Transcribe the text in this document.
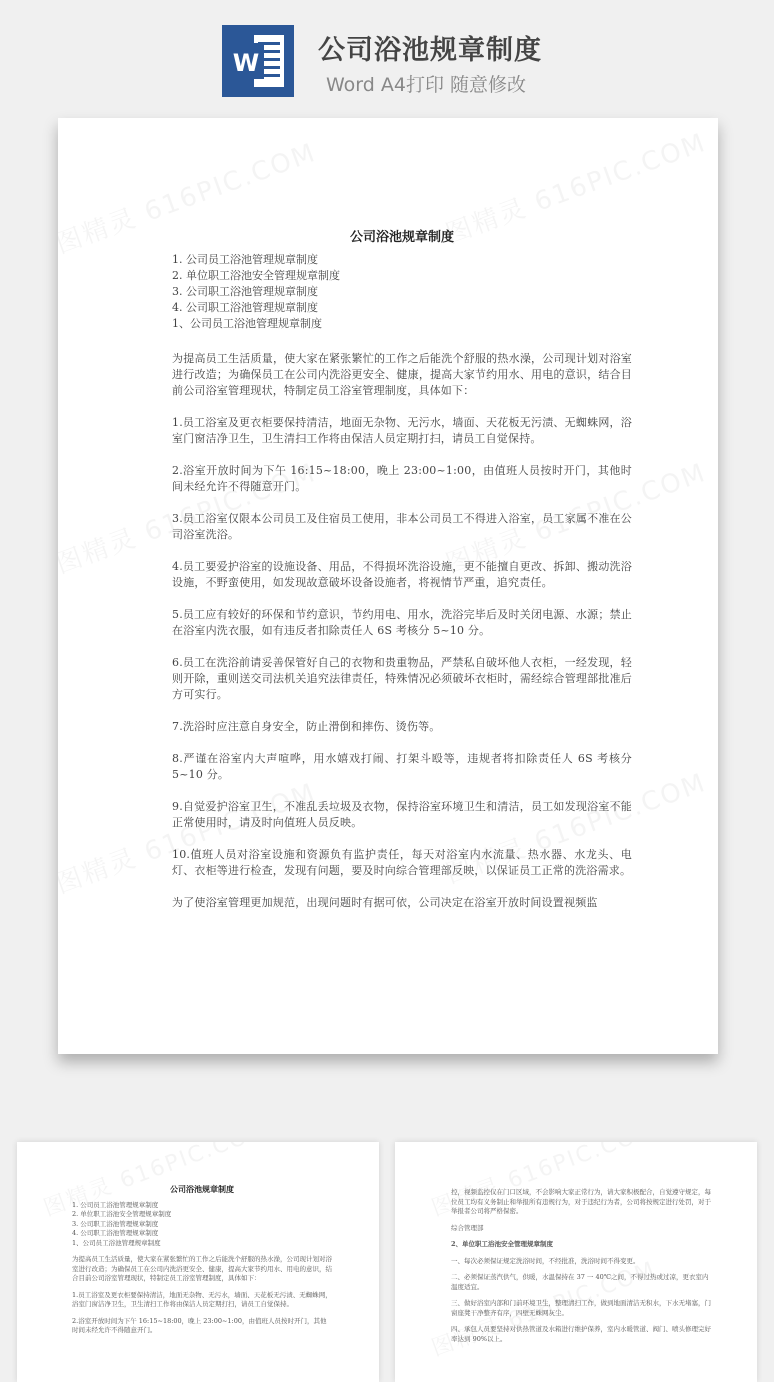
W 公司浴池规章制度
Word A4打印 随意修改
公司浴池规章制度
1. 公司员工浴池管理规章制度
2. 单位职工浴池安全管理规章制度
3. 公司职工浴池管理规章制度
4. 公司职工浴池管理规章制度
1、公司员工浴池管理规章制度

为提高员工生活质量，使大家在紧张繁忙的工作之后能洗个舒服的热水澡，公司现计划对浴室进行改造；为确保员工在公司内洗浴更安全、健康，提高大家节约用水、用电的意识，结合目前公司浴室管理现状，特制定员工浴室管理制度，具体如下：

1.员工浴室及更衣柜要保持清洁，地面无杂物、无污水，墙面、天花板无污渍、无蜘蛛网，浴室门窗洁净卫生，卫生清扫工作将由保洁人员定期打扫，请员工自觉保持。

2.浴室开放时间为下午 16:15~18:00，晚上 23:00~1:00，由值班人员按时开门，其他时间未经允许不得随意开门。

3.员工浴室仅限本公司员工及住宿员工使用，非本公司员工不得进入浴室，员工家属不准在公司浴室洗浴。

4.员工要爱护浴室的设施设备、用品，不得损坏洗浴设施，更不能擅自更改、拆卸、搬动洗浴设施，不野蛮使用，如发现故意破坏设备设施者，将视情节严重，追究责任。

5.员工应有较好的环保和节约意识，节约用电、用水，洗浴完毕后及时关闭电源、水源；禁止在浴室内洗衣服，如有违反者扣除责任人 6S 考核分 5~10 分。

6.员工在洗浴前请妥善保管好自己的衣物和贵重物品，严禁私自破坏他人衣柜，一经发现，轻则开除，重则送交司法机关追究法律责任，特殊情况必须破坏衣柜时，需经综合管理部批准后方可实行。

7.洗浴时应注意自身安全，防止滑倒和摔伤、烫伤等。

8.严谨在浴室内大声喧哗，用水嬉戏打闹、打架斗殴等，违规者将扣除责任人 6S 考核分 5~10 分。

9.自觉爱护浴室卫生，不准乱丢垃圾及衣物，保持浴室环境卫生和清洁，员工如发现浴室不能正常使用时，请及时向值班人员反映。

10.值班人员对浴室设施和资源负有监护责任，每天对浴室内水流量、热水器、水龙头、电灯、衣柜等进行检查，发现有问题，要及时向综合管理部反映，以保证员工正常的洗浴需求。

为了使浴室管理更加规范，出现问题时有据可依，公司决定在浴室开放时间设置视频监

公司浴池规章制度
1. 公司员工浴池管理规章制度
2. 单位职工浴池安全管理规章制度
3. 公司职工浴池管理规章制度
4. 公司职工浴池管理规章制度
1、公司员工浴池管理规章制度

为提高员工生活质量，使大家在紧张繁忙的工作之后能洗个舒服的热水澡，公司现计划对浴室进行改造；为确保员工在公司内洗浴更安全、健康，提高大家节约用水、用电的意识，结合目前公司浴室管理现状，特制定员工浴室管理制度，具体如下：

1.员工浴室及更衣柜要保持清洁，地面无杂物、无污水，墙面、天花板无污渍、无蜘蛛网，浴室门窗洁净卫生，卫生清扫工作将由保洁人员定期打扫，请员工自觉保持。

2.浴室开放时间为下午 16:15~18:00，晚上 23:00~1:00，由值班人员按时开门，其他时间未经允许不得随意开门。

控，视频监控仅在门口区域，不会影响大家正常行为，请大家积极配合，自觉遵守规定，每位员工均有义务制止和举报所有违规行为，对于违纪行为者，公司将按规定进行处罚，对于举报者公司将严格保密。

综合管理部

2、单位职工浴池安全管理规章制度

一、每次必须保证规定洗浴时间，不经批准，洗浴时间不得变更。

二、必须保证蒸汽供气，供暖，水温保持在 37 一 40℃之间，不得过热或过凉，更衣室内温度适宜。

三、做好浴室内部和门前环境卫生，整理清扫工作，做到地面清洁无积水，下水无堵塞，门窗座凳干净整齐有序，四壁无蛛网灰尘。

四、承包人员要坚持对供热管道及水箱进行维护保养，室内水暖管道、阀门、喷头修理完好率达到 90%以上。
